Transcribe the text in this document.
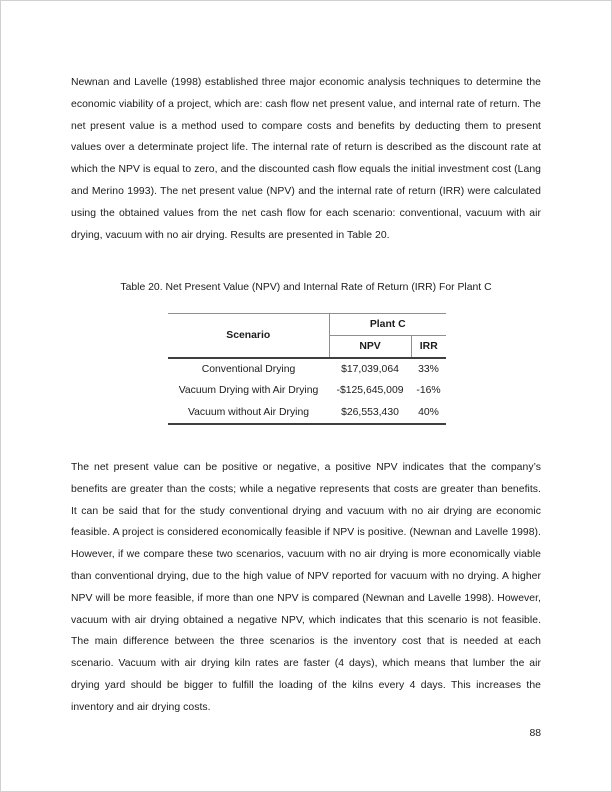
Newnan and Lavelle (1998) established three major economic analysis techniques to determine the economic viability of a project, which are: cash flow net present value, and internal rate of return. The net present value is a method used to compare costs and benefits by deducting them to present values over a determinate project life. The internal rate of return is described as the discount rate at which the NPV is equal to zero, and the discounted cash flow equals the initial investment cost (Lang and Merino 1993). The net present value (NPV) and the internal rate of return (IRR) were calculated using the obtained values from the net cash flow for each scenario: conventional, vacuum with air drying, vacuum with no air drying. Results are presented in Table 20.

Table 20. Net Present Value (NPV) and Internal Rate of Return (IRR) For Plant C

Scenario	Plant C	
	NPV	IRR
Conventional Drying	$17,039,064	33%
Vacuum Drying with Air Drying	-$125,645,009	-16%
Vacuum without Air Drying	$26,553,430	40%

The net present value can be positive or negative, a positive NPV indicates that the company’s benefits are greater than the costs; while a negative represents that costs are greater than benefits. It can be said that for the study conventional drying and vacuum with no air drying are economic feasible. A project is considered economically feasible if NPV is positive. (Newnan and Lavelle 1998). However, if we compare these two scenarios, vacuum with no air drying is more economically viable than conventional drying, due to the high value of NPV reported for vacuum with no drying. A higher NPV will be more feasible, if more than one NPV is compared (Newnan and Lavelle 1998). However, vacuum with air drying obtained a negative NPV, which indicates that this scenario is not feasible. The main difference between the three scenarios is the inventory cost that is needed at each scenario. Vacuum with air drying kiln rates are faster (4 days), which means that lumber the air drying yard should be bigger to fulfill the loading of the kilns every 4 days. This increases the inventory and air drying costs.

88
